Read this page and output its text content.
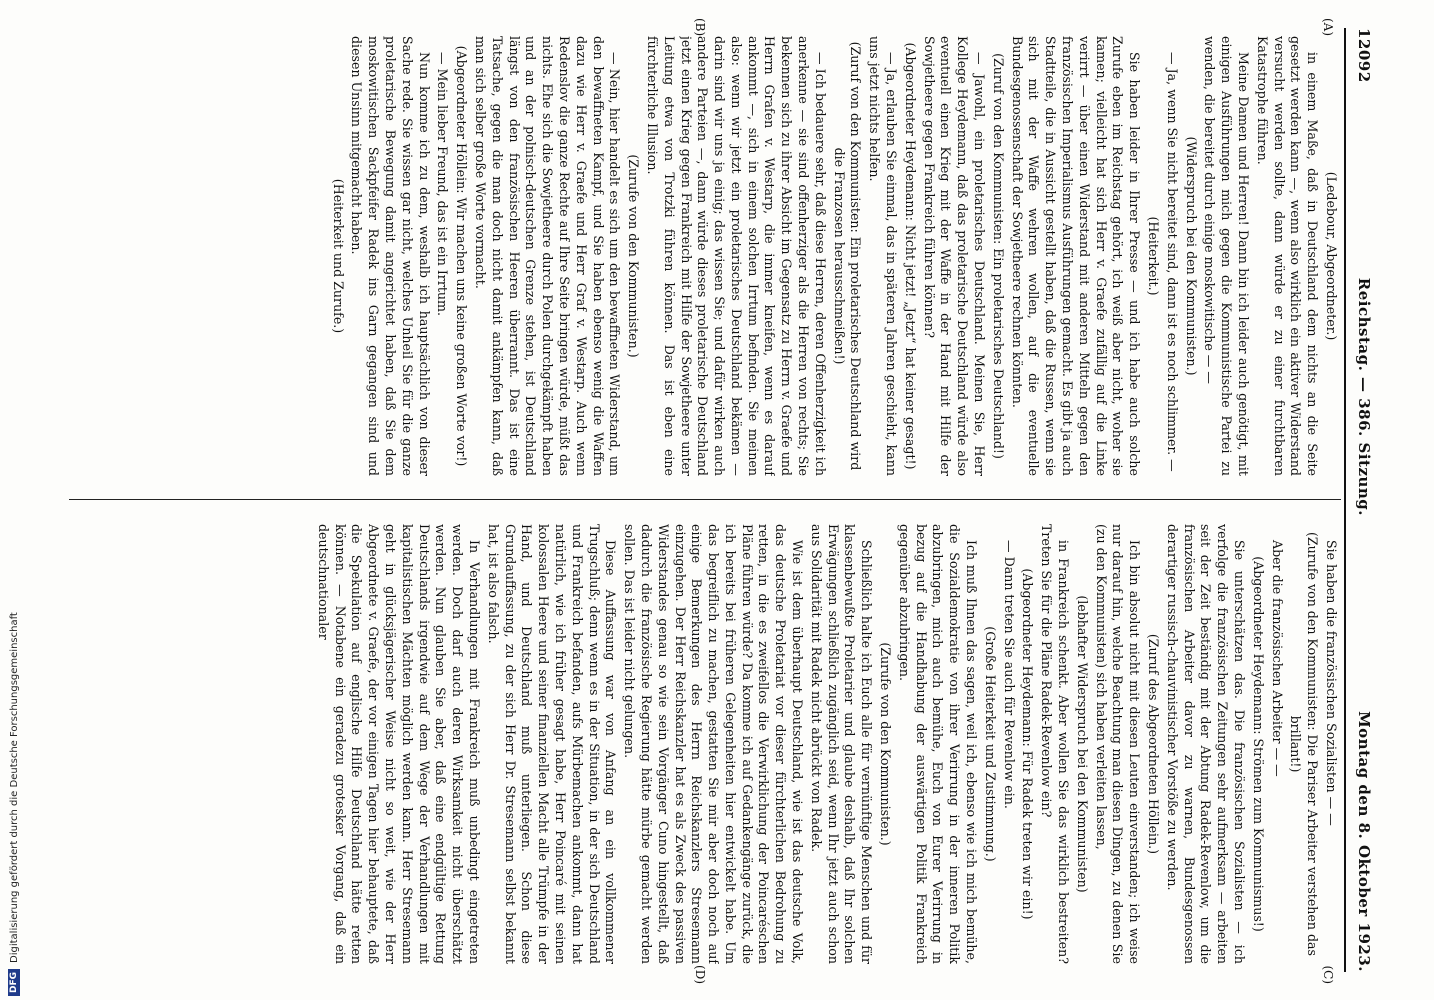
12092
Reichstag. — 386. Sitzung.
Montag den 8. Oktober 1923.
(A)
(B)
(C)
(D)

(Ledebour, Abgeordneter.)

in einem Maße, daß in Deutschland dem nichts an die Seite gesetzt werden kann —, wenn also wirklich ein aktiver Widerstand versucht werden sollte, dann würde er zu einer furchtbaren Katastrophe führen.

Meine Damen und Herren! Dann bin ich leider auch genötigt, mit einigen Ausführungen mich gegen die Kommunistische Partei zu wenden, die bereitet durch einige moskowitische — —

(Widerspruch bei den Kommunisten.)

— Ja, wenn Sie nicht bereitet sind, dann ist es noch schlimmer. —

(Heiterkeit.)

Sie haben leider in Ihrer Presse — und ich habe auch solche Zurufe eben im Reichstag gehört, ich weiß aber nicht, woher sie kamen; vielleicht hat sich Herr v. Graefe zufällig auf die Linke verirrt — über einen Widerstand mit anderen Mitteln gegen den französischen Imperialismus Ausführungen gemacht. Es gibt ja auch Stadtteile, die in Aussicht gestellt haben, daß die Russen, wenn sie sich mit der Waffe wehren wollen, auf die eventuelle Bundesgenossenschaft der Sowjetheere rechnen könnten.

(Zuruf von den Kommunisten: Ein proletarisches Deutschland!)

— Jawohl, ein proletarisches Deutschland. Meinen Sie, Herr Kollege Heydemann, daß das proletarische Deutschland würde also eventuell einen Krieg mit der Waffe in der Hand mit Hilfe der Sowjetheere gegen Frankreich führen können?

(Abgeordneter Heydemann: Nicht jetzt! „Jetzt“ hat keiner gesagt!)

— Ja, erlauben Sie einmal, das in späteren Jahren geschieht, kann uns jetzt nichts helfen.

(Zuruf von den Kommunisten: Ein proletarisches Deutschland wird die Franzosen herausschmeißen!)

— Ich bedauere sehr, daß diese Herren, deren Offenherzigkeit ich anerkenne — sie sind offenherziger als die Herren von rechts; Sie bekennen sich zu ihrer Absicht im Gegensatz zu Herrn v. Graefe und Herrn Grafen v. Westarp, die immer kneifen, wenn es darauf ankommt —, sich in einem solchen Irrtum befinden. Sie meinen also: wenn wir jetzt ein proletarisches Deutschland bekämen — darin sind wir uns ja einig; das wissen Sie; und dafür wirken auch andere Parteien —, dann würde dieses proletarische Deutschland jetzt einen Krieg gegen Frankreich mit Hilfe der Sowjetheere unter Leitung etwa von Trotzki führen können. Das ist eben eine fürchterliche Illusion.

(Zurufe von den Kommunisten.)

— Nein, hier handelt es sich um den bewaffneten Widerstand, um den bewaffneten Kampf, und Sie haben ebenso wenig die Waffen dazu wie Herr v. Graefe und Herr Graf v. Westarp. Auch wenn Redenslov die ganze Rechte auf Ihre Seite bringen würde, müßt das nichts. Ehe sich die Sowjetheere durch Polen durchgekämpft haben und an der polnisch-deutschen Grenze stehen, ist Deutschland längst von den französischen Heeren überrannt. Das ist eine Tatsache, gegen die man doch nicht damit ankämpfen kann, daß man sich selber große Worte vormacht.

(Abgeordneter Höllein: Wir machen uns keine großen Worte vor!)

— Mein lieber Freund, das ist ein Irrtum.

Nun komme ich zu dem, weshalb ich hauptsächlich von dieser Sache rede. Sie wissen gar nicht, welches Unheil Sie für die ganze proletarische Bewegung damit angerichtet haben, daß Sie dem moskowitischen Sackpfeifer Radek ins Garn gegangen sind und diesen Unsinn mitgemacht haben.

(Heiterkeit und Zurufe.)

Sie haben die französischen Sozialisten — —

(Zurufe von den Kommunisten: Die Pariser Arbeiter verstehen das brillant!)

Aber die französischen Arbeiter — —

(Abgeordneter Heydemann: Strömen zum Kommunismus!)

Sie unterschätzen das. Die französischen Sozialisten — ich verfolge die französischen Zeitungen sehr aufmerksam — arbeiten seit der Zeit beständig mit der Abtung Radek-Revenlow, um die französischen Arbeiter davor zu warnen, Bundesgenossen derartiger russisch-chauvinistischer Vorstöße zu werden.

(Zuruf des Abgeordneten Höllein.)

Ich bin absolut nicht mit diesen Leuten einverstanden; ich weise nur darauf hin, welche Beachtung man diesen Dingen, zu denen Sie (zu den Kommunisten) sich haben verleiten lassen,

(lebhafter Widerspruch bei den Kommunisten)

in Frankreich schenkt. Aber wollen Sie das wirklich bestreiten? Treten Sie für die Pläne Radek-Revenlow ein?

(Abgeordneter Heydemann: Für Radek treten wir ein!)

— Dann treten Sie auch für Revenlow ein.

(Große Heiterkeit und Zustimmung.)

Ich muß Ihnen das sagen, weil ich, ebenso wie ich mich bemühe, die Sozialdemokratie von ihrer Verirrung in der inneren Politik abzubringen, mich auch bemühe, Euch von Eurer Verirrung in bezug auf die Handhabung der auswärtigen Politik Frankreich gegenüber abzubringen.

(Zurufe von den Kommunisten.)

Schließlich halte ich Euch alle für vernünftige Menschen und für klassenbewußte Proletarier und glaube deshalb, daß Ihr solchen Erwägungen schließlich zugänglich seid, wenn Ihr jetzt auch schon aus Solidarität mit Radek nicht abrückt von Radek.

Wie ist dem überhaupt Deutschland, wie ist das deutsche Volk, das deutsche Proletariat vor dieser fürchterlichen Bedrohung zu retten, in die es zweifellos die Verwirklichung der Poincaréschen Pläne führen würde? Da komme ich auf Gedankengänge zurück, die ich bereits bei früheren Gelegenheiten hier entwickelt habe. Um das begreiflich zu machen, gestatten Sie mir aber doch noch auf einige Bemerkungen des Herrn Reichskanzlers Stresemann einzugehen. Der Herr Reichskanzler hat es als Zweck des passiven Widerstandes genau so wie sein Vorgänger Cuno hingestellt, daß dadurch die französische Regierung hätte mürbe gemacht werden sollen. Das ist leider nicht gelungen.

Diese Auffassung war von Anfang an ein vollkommener Trugschluß; denn wenn es in der Situation, in der sich Deutschland und Frankreich befanden, aufs Mürbemachen ankommt, dann hat natürlich, wie ich früher gesagt habe, Herr Poincaré mit seinen kolossalen Heere und seiner finanziellen Macht alle Trümpfe in der Hand, und Deutschland muß unterliegen. Schon diese Grundauffassung, zu der sich Herr Dr. Stresemann selbst bekannt hat, ist also falsch.

In Verhandlungen mit Frankreich muß unbedingt eingetreten werden. Doch darf auch deren Wirksamkeit nicht überschätzt werden. Nun glauben Sie aber, daß eine endgültige Rettung Deutschlands irgendwie auf dem Wege der Verhandlungen mit kapitalistischen Mächten möglich werden kann. Herr Stresemann geht in glücksjägerischer Weise nicht so weit, wie der Herr Abgeordnete v. Graefe, der vor einigen Tagen hier behauptete, daß die Spekulation auf englische Hilfe Deutschland hätte retten können. — Notabene ein geradezu grotesker Vorgang, daß ein deutschnationaler

DFG
Digitalisierung gefördert durch die Deutsche Forschungsgemeinschaft
